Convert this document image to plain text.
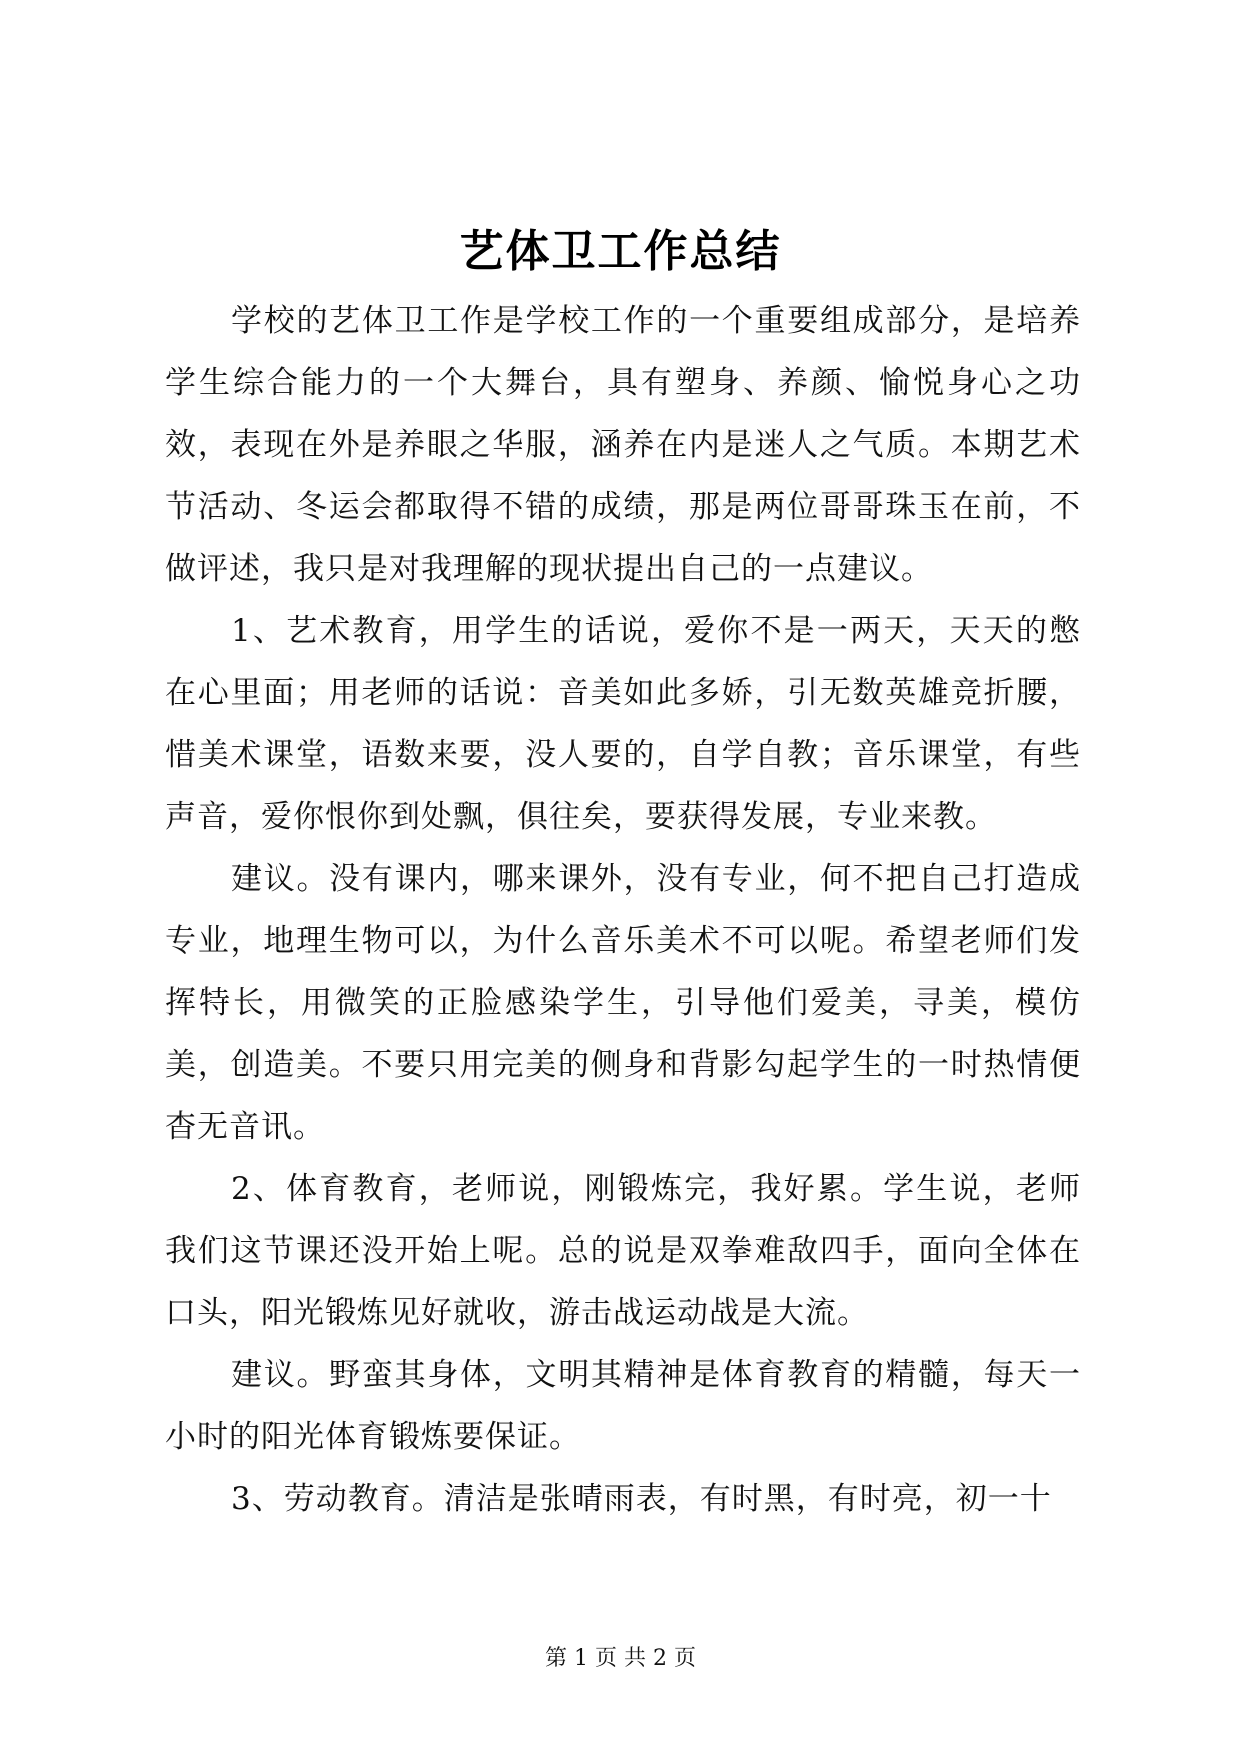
艺体卫工作总结

学校的艺体卫工作是学校工作的一个重要组成部分，是培养学生综合能力的一个大舞台，具有塑身、养颜、愉悦身心之功效，表现在外是养眼之华服，涵养在内是迷人之气质。本期艺术节活动、冬运会都取得不错的成绩，那是两位哥哥珠玉在前，不做评述，我只是对我理解的现状提出自己的一点建议。

1、艺术教育，用学生的话说，爱你不是一两天，天天的憋在心里面；用老师的话说：音美如此多娇，引无数英雄竞折腰，惜美术课堂，语数来要，没人要的，自学自教；音乐课堂，有些声音，爱你恨你到处飘，俱往矣，要获得发展，专业来教。

建议。没有课内，哪来课外，没有专业，何不把自己打造成专业，地理生物可以，为什么音乐美术不可以呢。希望老师们发挥特长，用微笑的正脸感染学生，引导他们爱美，寻美，模仿美，创造美。不要只用完美的侧身和背影勾起学生的一时热情便杳无音讯。

2、体育教育，老师说，刚锻炼完，我好累。学生说，老师我们这节课还没开始上呢。总的说是双拳难敌四手，面向全体在口头，阳光锻炼见好就收，游击战运动战是大流。

建议。野蛮其身体，文明其精神是体育教育的精髓，每天一小时的阳光体育锻炼要保证。

3、劳动教育。清洁是张晴雨表，有时黑，有时亮，初一十

第 1 页 共 2 页
